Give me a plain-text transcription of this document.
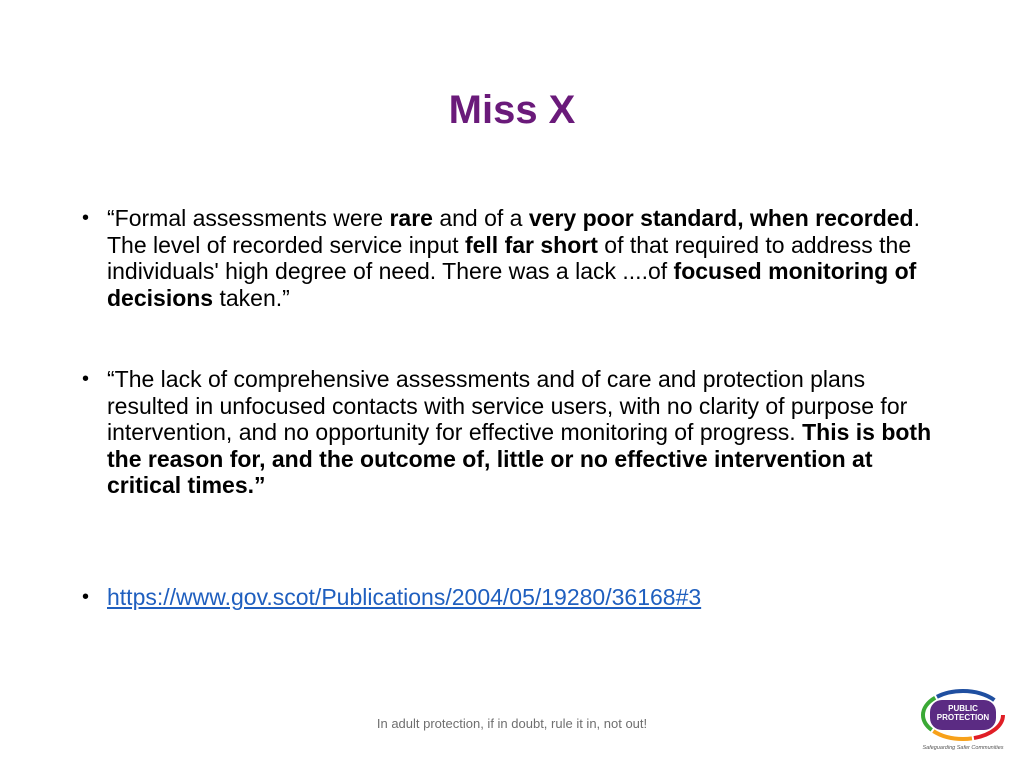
Miss X
• “Formal assessments were rare and of a very poor standard, when recorded. The level of recorded service input fell far short of that required to address the individuals' high degree of need. There was a lack ....of focused monitoring of decisions taken.”
• “The lack of comprehensive assessments and of care and protection plans resulted in unfocused contacts with service users, with no clarity of purpose for intervention, and no opportunity for effective monitoring of progress. This is both the reason for, and the outcome of, little or no effective intervention at critical times.”
• https://www.gov.scot/Publications/2004/05/19280/36168#3
In adult protection, if in doubt, rule it in, not out!
PUBLIC
PROTECTION
Safeguarding Safer Communities
